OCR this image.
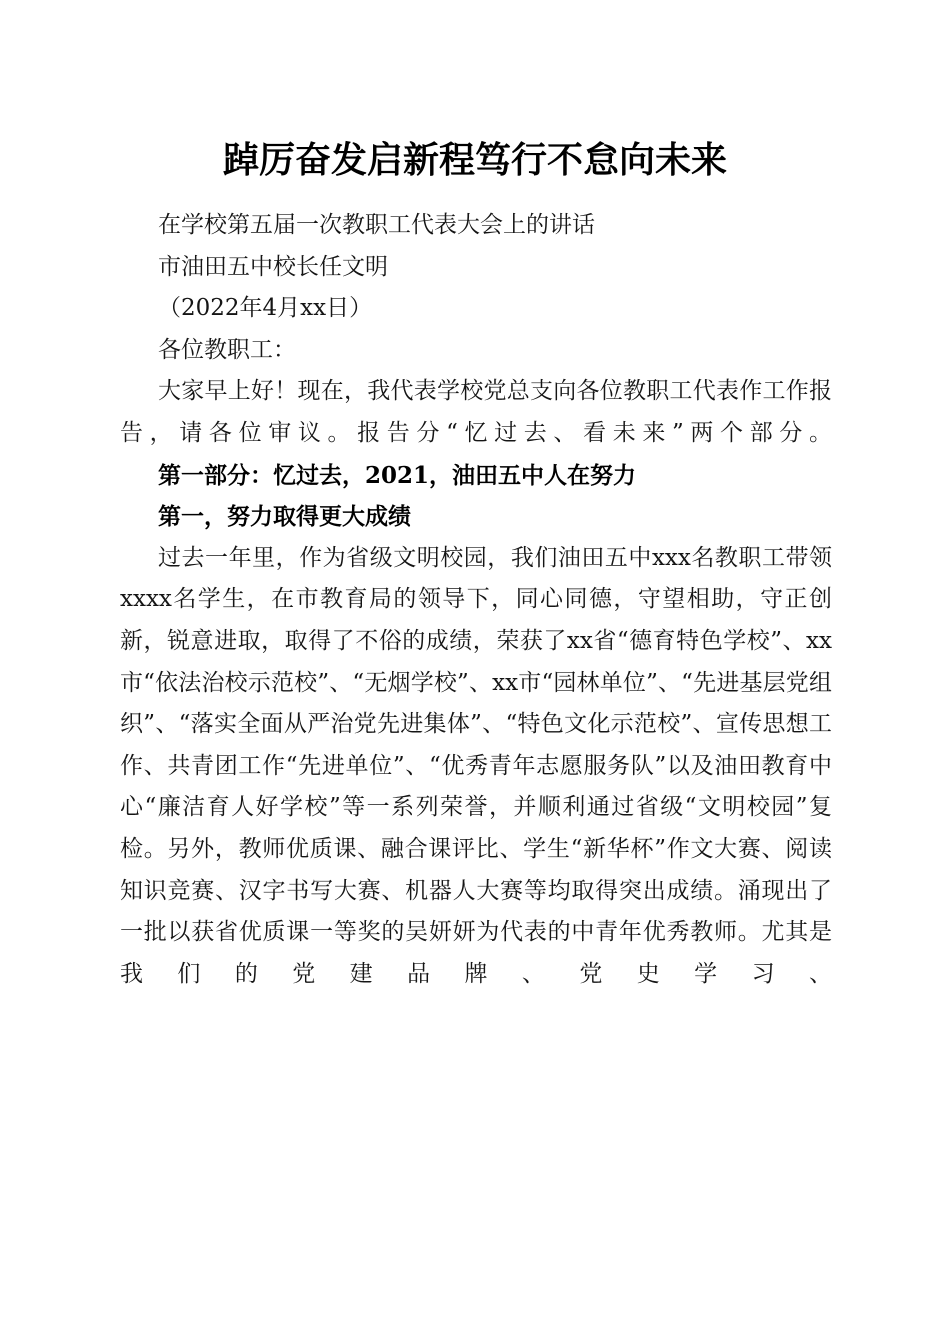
踔厉奋发启新程笃行不怠向未来
在学校第五届一次教职工代表大会上的讲话
市油田五中校长任文明
（2022年4月xx日）
各位教职工：

大家早上好！现在，我代表学校党总支向各位教职工代表作工作报告，请各位审议。报告分“忆过去、看未来”两个部分。

第一部分：忆过去，2021，油田五中人在努力
第一，努力取得更大成绩

过去一年里，作为省级文明校园，我们油田五中xxx名教职工带领xxxx名学生，在市教育局的领导下，同心同德，守望相助，守正创新，锐意进取，取得了不俗的成绩，荣获了xx省“德育特色学校”、xx市“依法治校示范校”、“无烟学校”、xx市“园林单位”、“先进基层党组织”、“落实全面从严治党先进集体”、“特色文化示范校”、宣传思想工作、共青团工作“先进单位”、“优秀青年志愿服务队”以及油田教育中心“廉洁育人好学校”等一系列荣誉，并顺利通过省级“文明校园”复检。另外，教师优质课、融合课评比、学生“新华杯”作文大赛、阅读知识竞赛、汉字书写大赛、机器人大赛等均取得突出成绩。涌现出了一批以获省优质课一等奖的吴妍妍为代表的中青年优秀教师。尤其是我们的党建品牌、党史学习、
